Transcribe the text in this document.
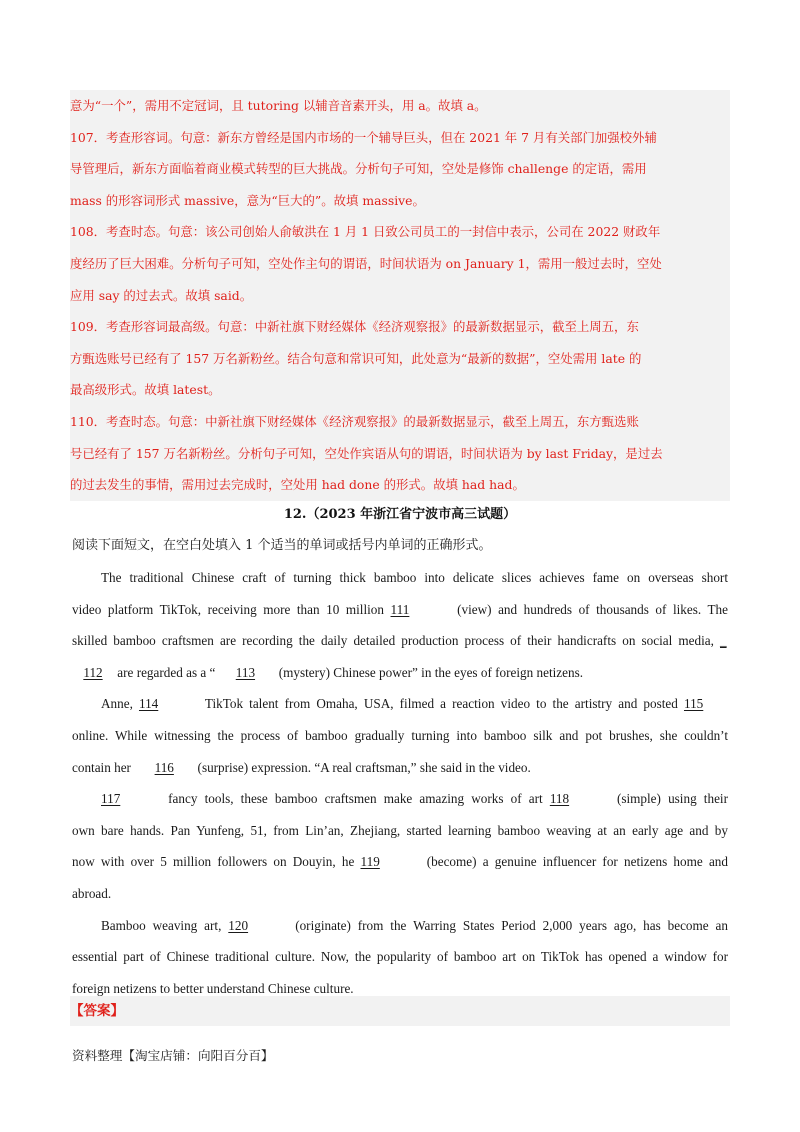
意为“一个”，需用不定冠词，且 tutoring 以辅音音素开头，用 a。故填 a。

107．考查形容词。句意：新东方曾经是国内市场的一个辅导巨头，但在 2021 年 7 月有关部门加强校外辅

导管理后，新东方面临着商业模式转型的巨大挑战。分析句子可知，空处是修饰 challenge 的定语，需用

mass 的形容词形式 massive，意为“巨大的”。故填 massive。

108．考查时态。句意：该公司创始人俞敏洪在 1 月 1 日致公司员工的一封信中表示，公司在 2022 财政年

度经历了巨大困难。分析句子可知，空处作主句的谓语，时间状语为 on January 1，需用一般过去时，空处

应用 say 的过去式。故填 said。

109．考查形容词最高级。句意：中新社旗下财经媒体《经济观察报》的最新数据显示，截至上周五，东

方甄选账号已经有了 157 万名新粉丝。结合句意和常识可知，此处意为“最新的数据”，空处需用 late 的

最高级形式。故填 latest。

110．考查时态。句意：中新社旗下财经媒体《经济观察报》的最新数据显示，截至上周五，东方甄选账

号已经有了 157 万名新粉丝。分析句子可知，空处作宾语从句的谓语，时间状语为 by last Friday，是过去

的过去发生的事情，需用过去完成时，空处用 had done 的形式。故填 had had。

12.（2023 年浙江省宁波市高三试题）
阅读下面短文，在空白处填入 1 个适当的单词或括号内单词的正确形式。
The traditional Chinese craft of turning thick bamboo into delicate slices achieves fame on overseas short
video platform TikTok, receiving more than 10 million 111	(view) and hundreds of thousands of likes. The
skilled bamboo craftsmen are recording the daily detailed production process of their handicrafts on social media, _
112 are regarded as a “ 113 (mystery) Chinese power” in the eyes of foreign netizens.
Anne, 114	TikTok talent from Omaha, USA, filmed a reaction video to the artistry and posted 115
online. While witnessing the process of bamboo gradually turning into bamboo silk and pot brushes, she couldn’t
contain her 116 (surprise) expression. “A real craftsman,” she said in the video.
117	fancy tools, these bamboo craftsmen make amazing works of art 118	(simple) using their
own bare hands. Pan Yunfeng, 51, from Lin’an, Zhejiang, started learning bamboo weaving at an early age and by
now with over 5 million followers on Douyin, he 119	(become) a genuine influencer for netizens home and
abroad.
Bamboo weaving art, 120	(originate) from the Warring States Period 2,000 years ago, has become an
essential part of Chinese traditional culture. Now, the popularity of bamboo art on TikTok has opened a window for
foreign netizens to better understand Chinese culture.
【答案】
资料整理【淘宝店铺：向阳百分百】
